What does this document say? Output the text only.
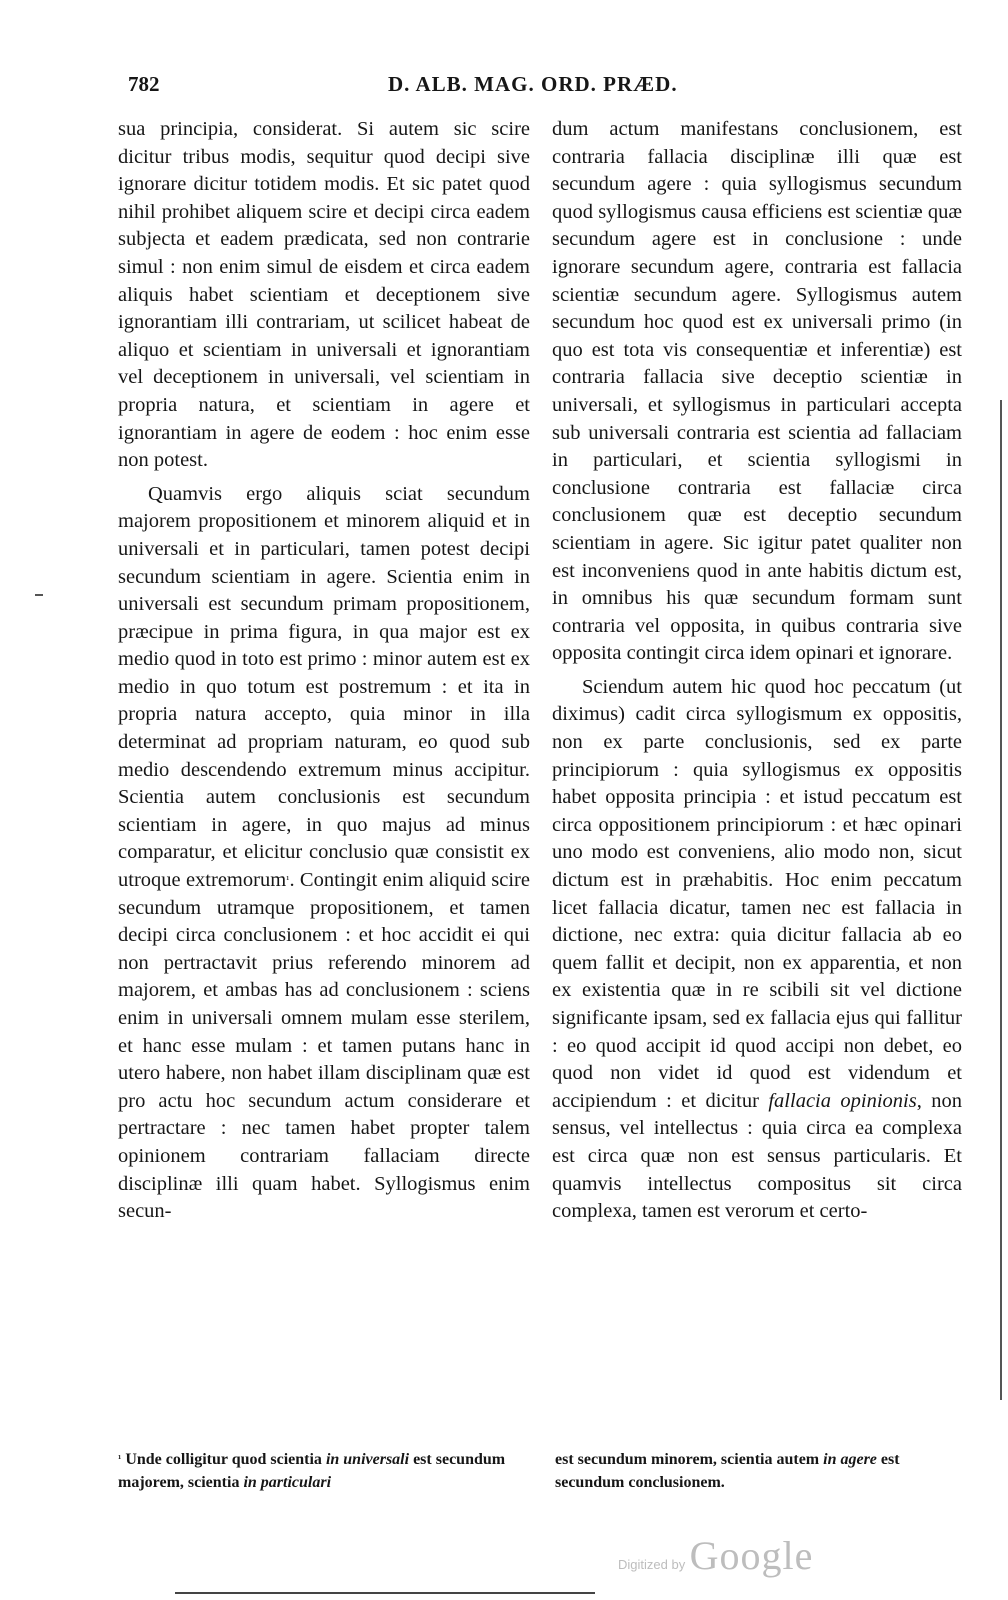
782	D. ALB. MAG. ORD. PRÆD.

sua principia, considerat. Si autem sic scire dicitur tribus modis, sequitur quod decipi sive ignorare dicitur totidem modis. Et sic patet quod nihil prohibet aliquem scire et decipi circa eadem subjecta et eadem prædicata, sed non contrarie simul : non enim simul de eisdem et circa eadem aliquis habet scientiam et deceptionem sive ignorantiam illi contrariam, ut scilicet habeat de aliquo et scientiam in universali et ignorantiam vel deceptionem in universali, vel scientiam in propria natura, et scientiam in agere et ignorantiam in agere de eodem : hoc enim esse non potest.

Quamvis ergo aliquis sciat secundum majorem propositionem et minorem aliquid et in universali et in particulari, tamen potest decipi secundum scientiam in agere. Scientia enim in universali est secundum primam propositionem, præcipue in prima figura, in qua major est ex medio quod in toto est primo : minor autem est ex medio in quo totum est postremum : et ita in propria natura accepto, quia minor in illa determinat ad propriam naturam, eo quod sub medio descendendo extremum minus accipitur. Scientia autem conclusionis est secundum scientiam in agere, in quo majus ad minus comparatur, et elicitur conclusio quæ consistit ex utroque extremorum$^{^1}$. Contingit enim aliquid scire secundum utramque propositionem, et tamen decipi circa conclusionem : et hoc accidit ei qui non pertractavit prius referendo minorem ad majorem, et ambas has ad conclusionem : sciens enim in universali omnem mulam esse sterilem, et hanc esse mulam : et tamen putans hanc in utero habere, non habet illam disciplinam quæ est pro actu hoc secundum actum considerare et pertractare : nec tamen habet propter talem opinionem contrariam fallaciam directe disciplinæ illi quam habet. Syllogismus enim secun-

dum actum manifestans conclusionem, est contraria fallacia disciplinæ illi quæ est secundum agere : quia syllogismus secundum quod syllogismus causa efficiens est scientiæ quæ secundum agere est in conclusione : unde ignorare secundum agere, contraria est fallacia scientiæ secundum agere. Syllogismus autem secundum hoc quod est ex universali primo (in quo est tota vis consequentiæ et inferentiæ) est contraria fallacia sive deceptio scientiæ in universali, et syllogismus in particulari accepta sub universali contraria est scientia ad fallaciam in particulari, et scientia syllogismi in conclusione contraria est fallaciæ circa conclusionem quæ est deceptio secundum scientiam in agere. Sic igitur patet qualiter non est inconveniens quod in ante habitis dictum est, in omnibus his quæ secundum formam sunt contraria vel opposita, in quibus contraria sive opposita contingit circa idem opinari et ignorare.

Sciendum autem hic quod hoc peccatum (ut diximus) cadit circa syllogismum ex oppositis, non ex parte conclusionis, sed ex parte principiorum : quia syllogismus ex oppositis habet opposita principia : et istud peccatum est circa oppositionem principiorum : et hæc opinari uno modo est conveniens, alio modo non, sicut dictum est in præhabitis. Hoc enim peccatum licet fallacia dicatur, tamen nec est fallacia in dictione, nec extra: quia dicitur fallacia ab eo quem fallit et decipit, non ex apparentia, et non ex existentia quæ in re scibili sit vel dictione significante ipsam, sed ex fallacia ejus qui fallitur : eo quod accipit id quod accipi non debet, eo quod non videt id quod est videndum et accipiendum : et dicitur fallacia opinionis, non sensus, vel intellectus : quia circa ea complexa est circa quæ non est sensus particularis. Et quamvis intellectus compositus sit circa complexa, tamen est verorum et certo-

$^{^1}$ Unde colligitur quod scientia in universali est secundum majorem, scientia in particulari
est secundum minorem, scientia autem in agere est secundum conclusionem.
Digitized by Google
